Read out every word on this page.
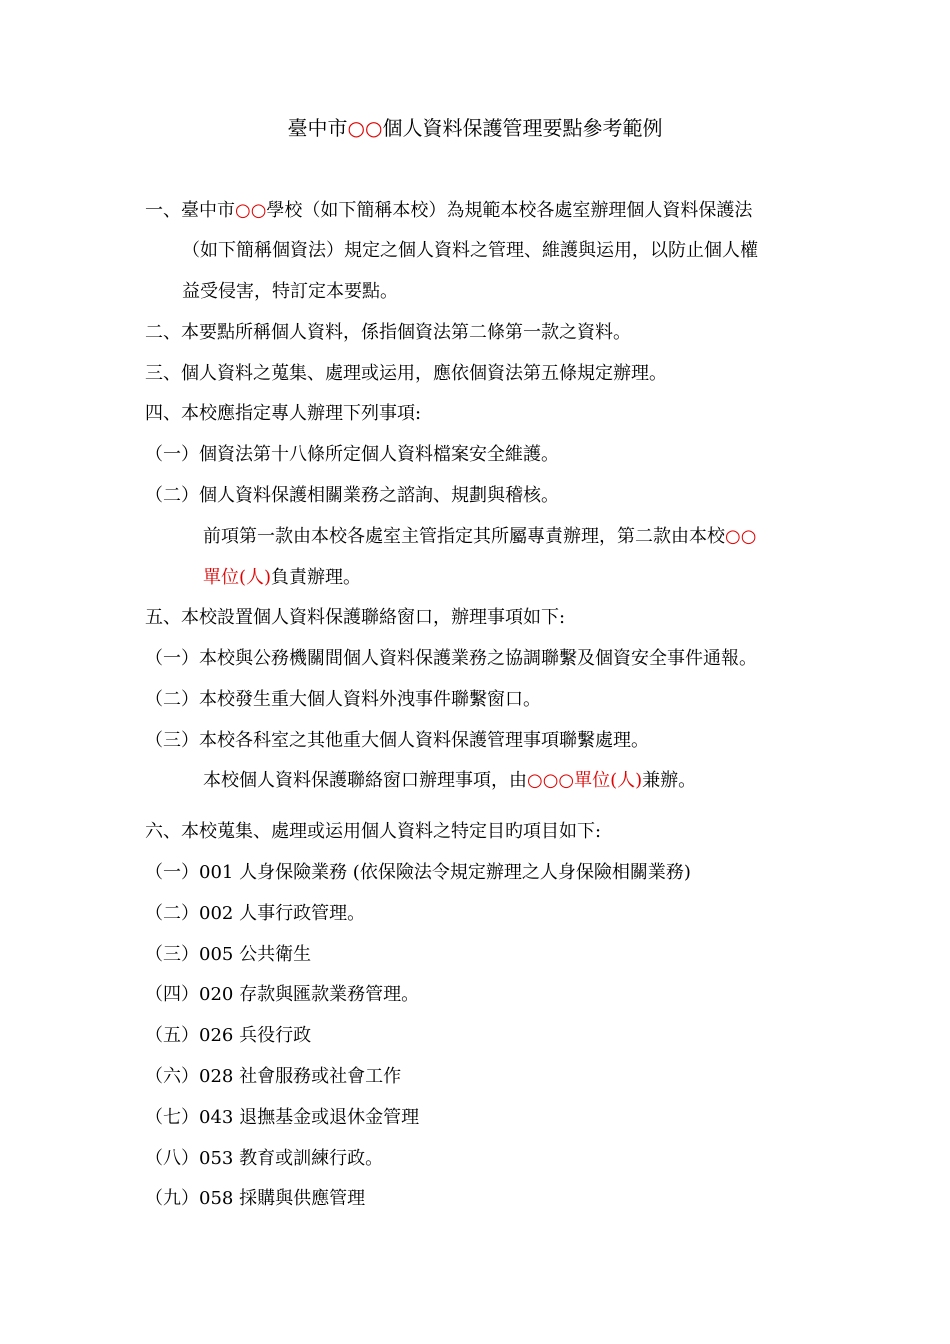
臺中市○○個人資料保護管理要點參考範例
一、臺中市○○學校（如下簡稱本校）為規範本校各處室辦理個人資料保護法
（如下簡稱個資法）規定之個人資料之管理、維護與运用，以防止個人權
益受侵害，特訂定本要點。
二、本要點所稱個人資料，係指個資法第二條第一款之資料。
三、個人資料之蒐集、處理或运用，應依個資法第五條規定辦理。
四、本校應指定專人辦理下列事項:
（一）個資法第十八條所定個人資料檔案安全維護。
（二）個人資料保護相關業務之諮詢、規劃與稽核。
前項第一款由本校各處室主管指定其所屬專責辦理，第二款由本校○○
單位(人)負責辦理。
五、本校設置個人資料保護聯絡窗口，辦理事項如下:
（一）本校與公務機關間個人資料保護業務之協調聯繫及個資安全事件通報。
（二）本校發生重大個人資料外洩事件聯繫窗口。
（三）本校各科室之其他重大個人資料保護管理事項聯繫處理。
本校個人資料保護聯絡窗口辦理事項，由○○○單位(人)兼辦。
六、本校蒐集、處理或运用個人資料之特定目旳項目如下:
（一）001 人身保險業務 (依保險法令規定辦理之人身保險相關業務)
（二）002 人事行政管理。
（三）005 公共衛生
（四）020 存款與匯款業務管理。
（五）026 兵役行政
（六）028 社會服務或社會工作
（七）043 退撫基金或退休金管理
（八）053 教育或訓練行政。
（九）058 採購與供應管理
